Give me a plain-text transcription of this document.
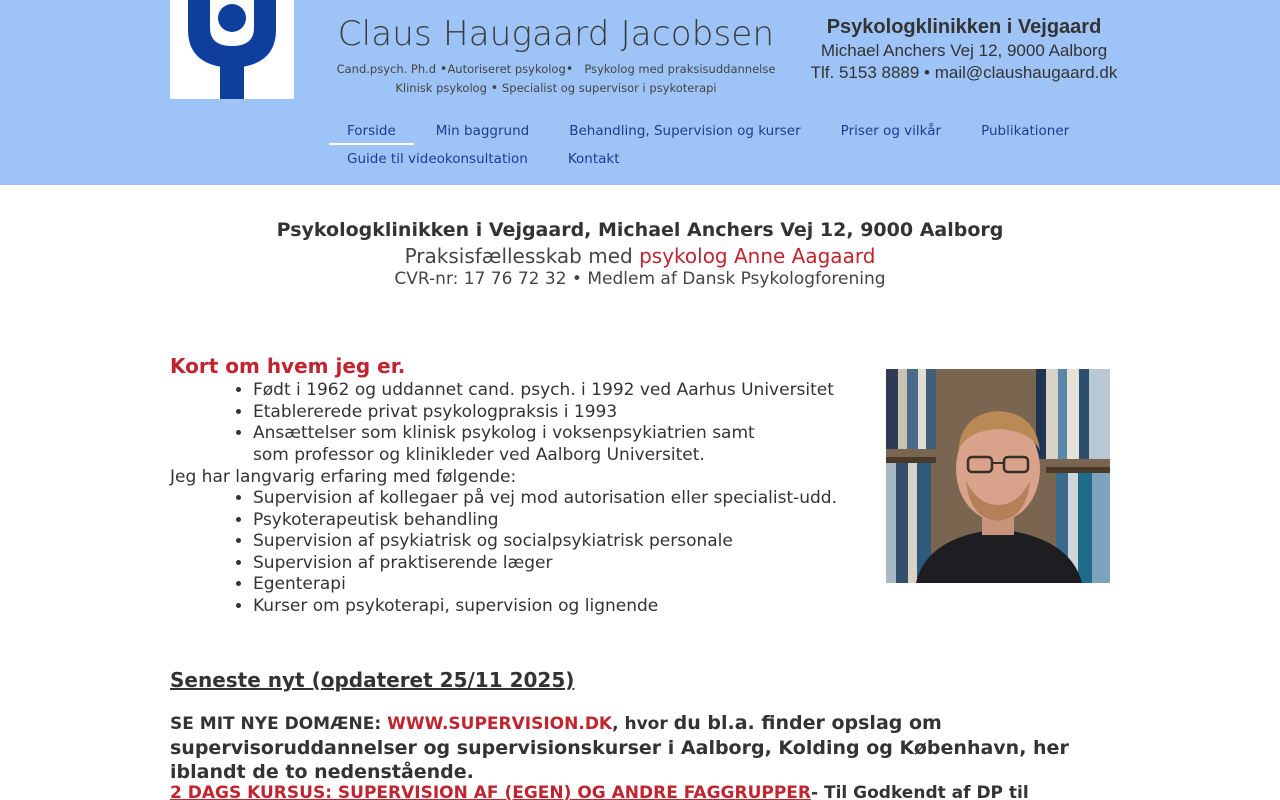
Claus Haugaard Jacobsen
Cand.psych. Ph.d •Autoriseret psykolog• Psykolog med praksisuddannelse
Klinisk psykolog • Specialist og supervisor i psykoterapi
Psykologklinikken i Vejgaard
Michael Anchers Vej 12, 9000 Aalborg
Tlf. 5153 8889 • mail@claushaugaard.dk
Forside	Min baggrund	Behandling, Supervision og kurser	Priser og vilkår	Publikationer
Guide til videokonsultation	Kontakt
Psykologklinikken i Vejgaard, Michael Anchers Vej 12, 9000 Aalborg
Praksisfællesskab med psykolog Anne Aagaard
CVR-nr: 17 76 72 32 • Medlem af Dansk Psykologforening
Kort om hvem jeg er.
• Født i 1962 og uddannet cand. psych. i 1992 ved Aarhus Universitet
• Etablererede privat psykologpraksis i 1993
• Ansættelser som klinisk psykolog i voksenpsykiatrien samt
som professor og kliniklеder ved Aalborg Universitet.

Jeg har langvarig erfaring med følgende:

• Supervision af kollegaer på vej mod autorisation eller specialist-udd.
• Psykoterapeutisk behandling
• Supervision af psykiatrisk og socialpsykiatrisk personale
• Supervision af praktiserende læger
• Egenterapi
• Kurser om psykoterapi, supervision og lignende
Seneste nyt (opdateret 25/11 2025)
SE MIT NYE DOMÆNE: WWW.SUPERVISION.DK, hvor du bl.a. finder opslag om supervisoruddannelser og supervisionskurser i Aalborg, Kolding og København, her iblandt de to nedenstående.
2 DAGS KURSUS: SUPERVISION AF (EGEN) OG ANDRE FAGGRUPPER- Til Godkendt af DP til
